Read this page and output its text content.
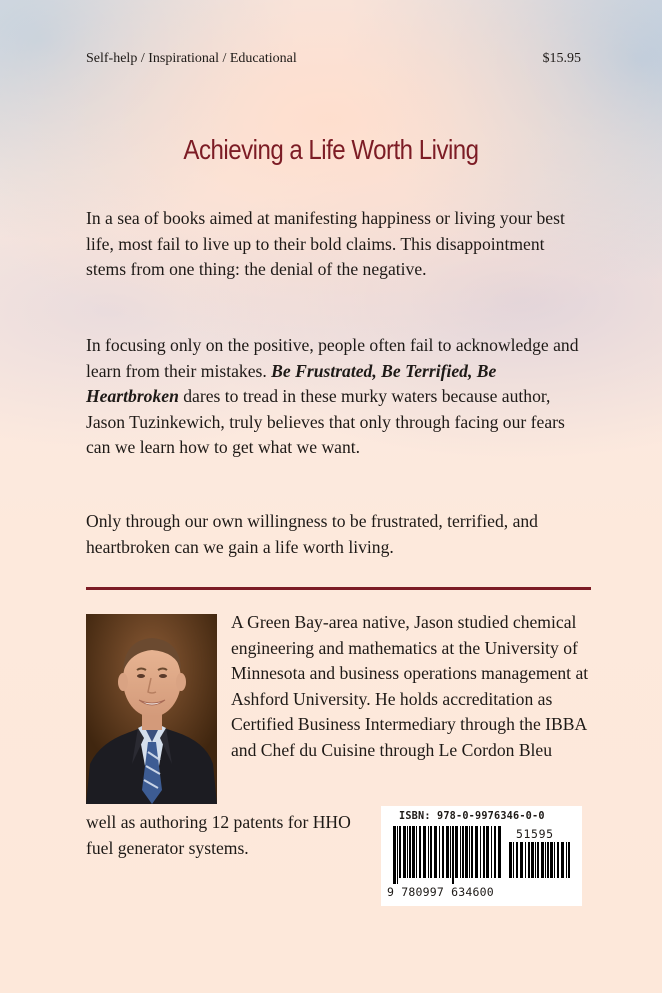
Self-help / Inspirational / Educational	$15.95
Achieving a Life Worth Living

In a sea of books aimed at manifesting happiness or living your best life, most fail to live up to their bold claims. This disappointment stems from one thing: the denial of the negative.

In focusing only on the positive, people often fail to acknowledge and learn from their mistakes. Be Frustrated, Be Terrified, Be Heartbroken dares to tread in these murky waters because author, Jason Tuzinkewich, truly believes that only through facing our fears can we learn how to get what we want.

Only through our own willingness to be frustrated, terrified, and heartbroken can we gain a life worth living.

A Green Bay-area native, Jason studied chemical engineering and mathematics at the University of Minnesota and business operations management at Ashford University. He holds accreditation as Certified Business Intermediary through the IBBA and Chef du Cuisine through Le Cordon Bleu
well as authoring 12 patents for HHO fuel generator systems.
ISBN: 978-0-9976346-0-0
51595
9 780997 634600
